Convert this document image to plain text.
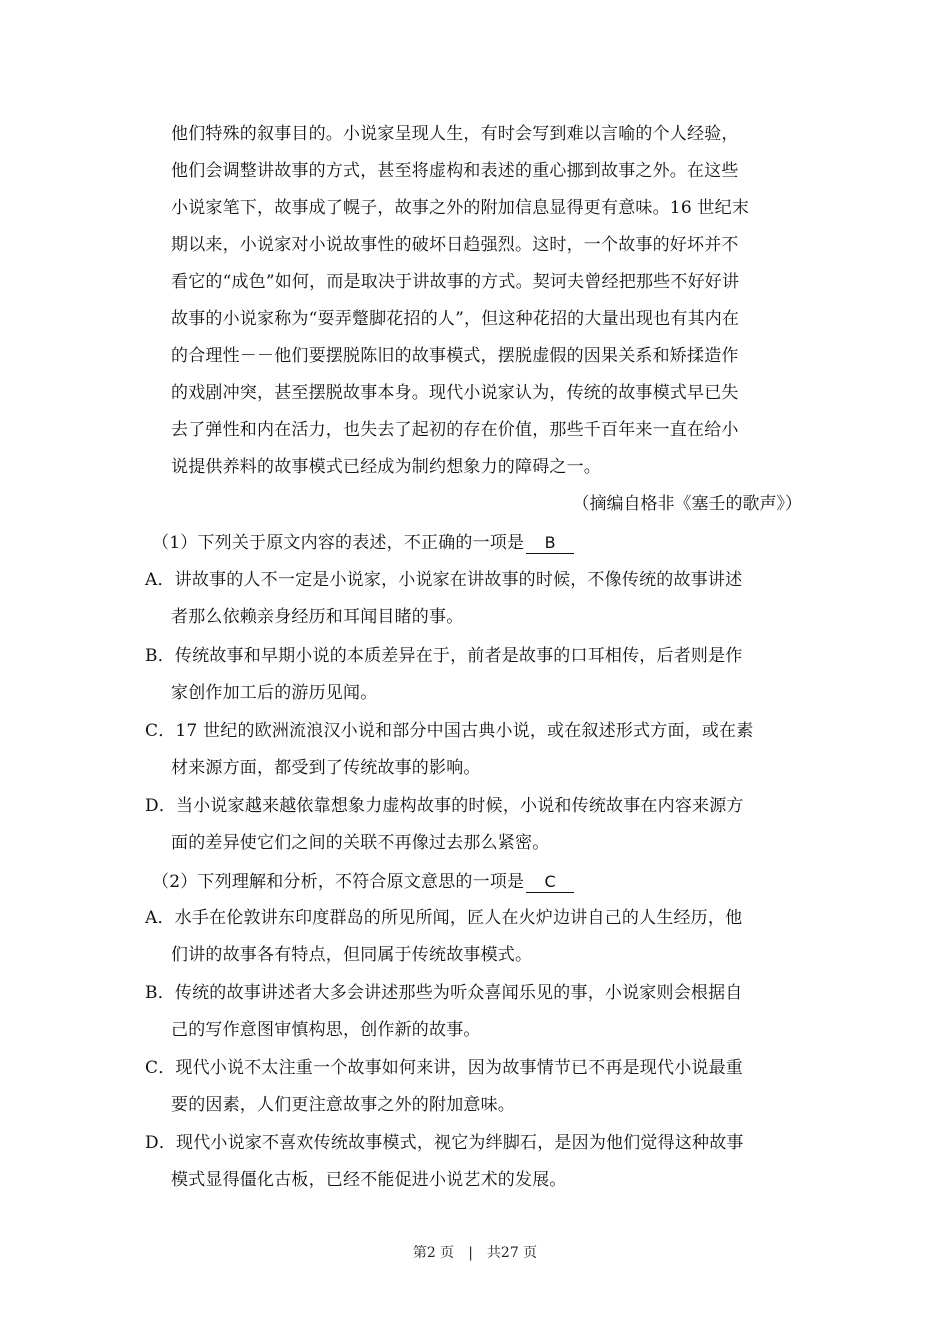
他们特殊的叙事目的。小说家呈现人生，有时会写到难以言喻的个人经验，
他们会调整讲故事的方式，甚至将虚构和表述的重心挪到故事之外。在这些
小说家笔下，故事成了幌子，故事之外的附加信息显得更有意味。16 世纪末
期以来，小说家对小说故事性的破坏日趋强烈。这时，一个故事的好坏并不
看它的“成色”如何，而是取决于讲故事的方式。契诃夫曾经把那些不好好讲
故事的小说家称为“耍弄蹩脚花招的人”，但这种花招的大量出现也有其内在
的合理性－－他们要摆脱陈旧的故事模式，摆脱虚假的因果关系和矫揉造作
的戏剧冲突，甚至摆脱故事本身。现代小说家认为，传统的故事模式早已失
去了弹性和内在活力，也失去了起初的存在价值，那些千百年来一直在给小
说提供养料的故事模式已经成为制约想象力的障碍之一。
（摘编自格非《塞壬的歌声》）
（1）下列关于原文内容的表述，不正确的一项是 B
A．讲故事的人不一定是小说家，小说家在讲故事的时候，不像传统的故事讲述
者那么依赖亲身经历和耳闻目睹的事。
B．传统故事和早期小说的本质差异在于，前者是故事的口耳相传，后者则是作
家创作加工后的游历见闻。
C．17 世纪的欧洲流浪汉小说和部分中国古典小说，或在叙述形式方面，或在素
材来源方面，都受到了传统故事的影响。
D．当小说家越来越依靠想象力虚构故事的时候，小说和传统故事在内容来源方
面的差异使它们之间的关联不再像过去那么紧密。
（2）下列理解和分析，不符合原文意思的一项是 C
A．水手在伦敦讲东印度群岛的所见所闻，匠人在火炉边讲自己的人生经历，他
们讲的故事各有特点，但同属于传统故事模式。
B．传统的故事讲述者大多会讲述那些为听众喜闻乐见的事，小说家则会根据自
己的写作意图审慎构思，创作新的故事。
C．现代小说不太注重一个故事如何来讲，因为故事情节已不再是现代小说最重
要的因素，人们更注意故事之外的附加意味。
D．现代小说家不喜欢传统故事模式，视它为绊脚石，是因为他们觉得这种故事
模式显得僵化古板，已经不能促进小说艺术的发展。
第2 页 | 共27 页
